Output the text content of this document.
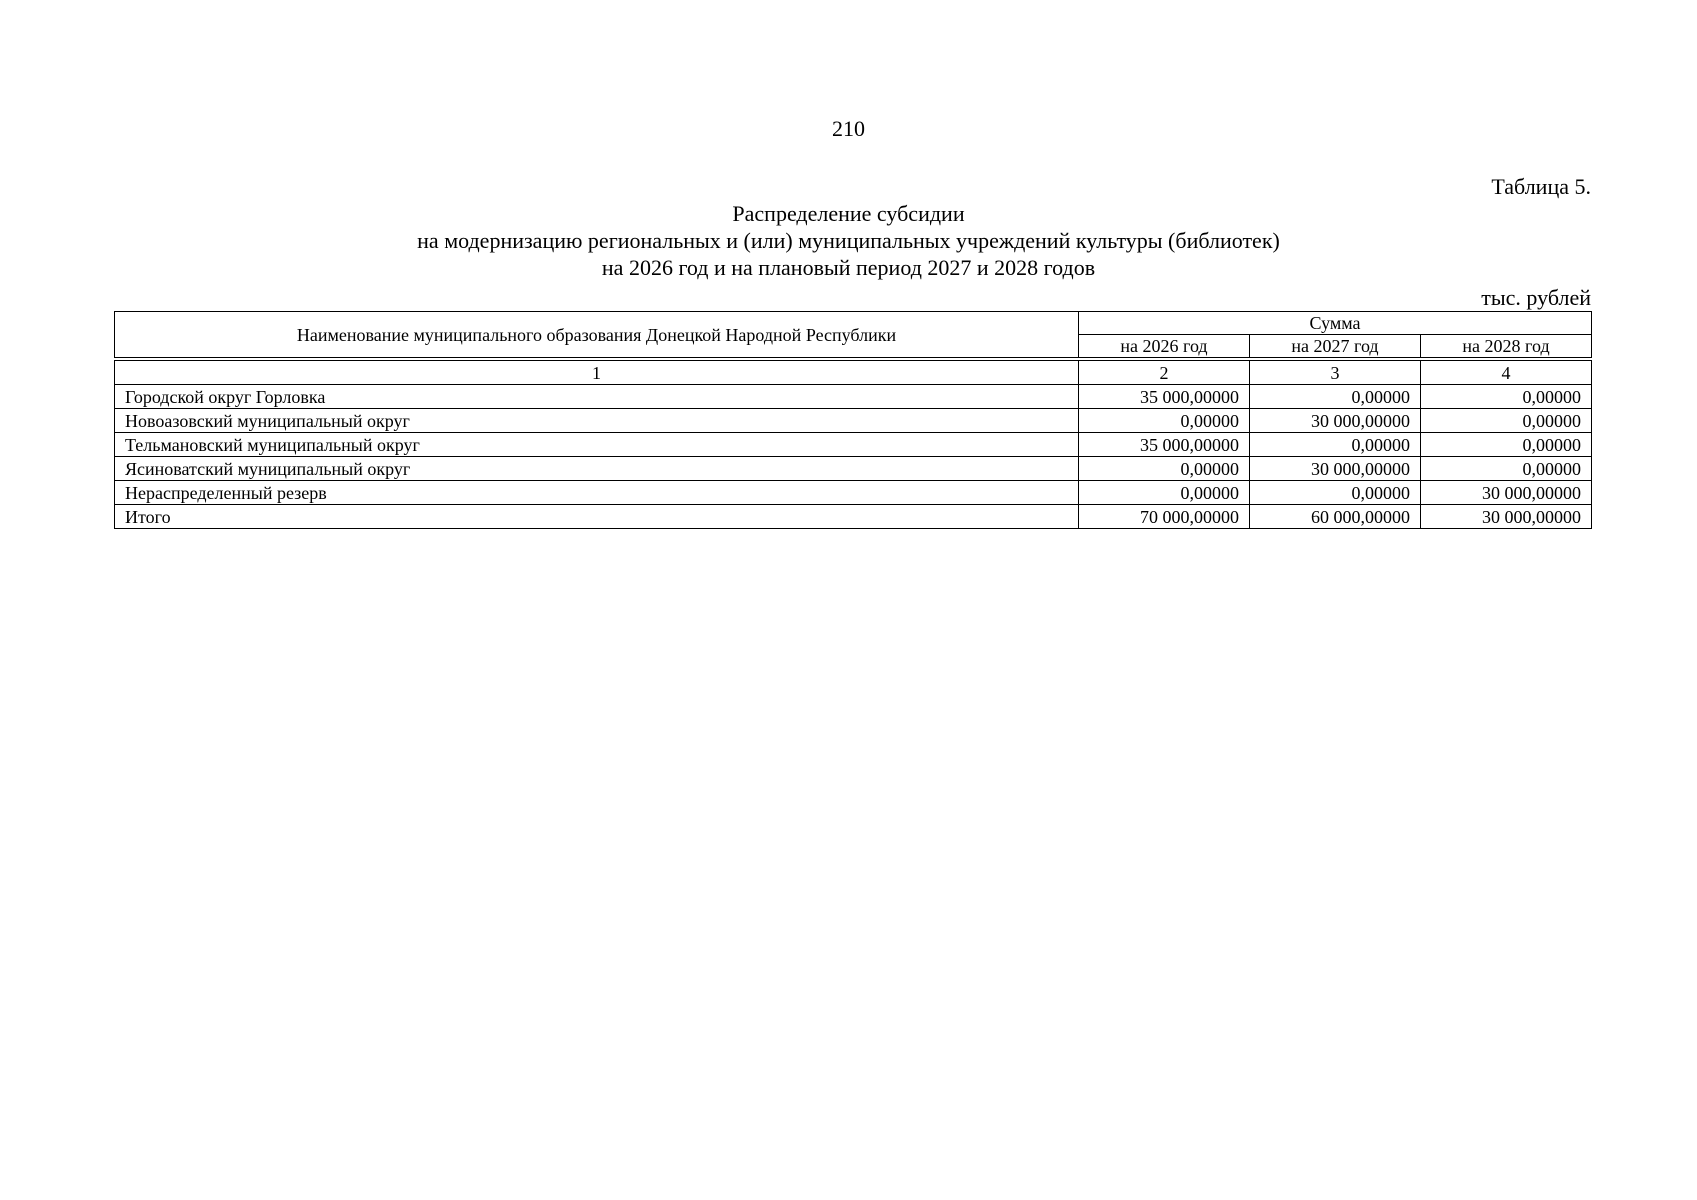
210
Таблица 5.
Распределение субсидии
на модернизацию региональных и (или) муниципальных учреждений культуры (библиотек)
на 2026 год и на плановый период 2027 и 2028 годов
тыс. рублей
Наименование муниципального образования Донецкой Народной Республики	Сумма		
	на 2026 год	на 2027 год	на 2028 год

1	2	3	4
Городской округ Горловка	35 000,00000	0,00000	0,00000
Новоазовский муниципальный округ	0,00000	30 000,00000	0,00000
Тельмановский муниципальный округ	35 000,00000	0,00000	0,00000
Ясиноватский муниципальный округ	0,00000	30 000,00000	0,00000
Нераспределенный резерв	0,00000	0,00000	30 000,00000
Итого	70 000,00000	60 000,00000	30 000,00000
